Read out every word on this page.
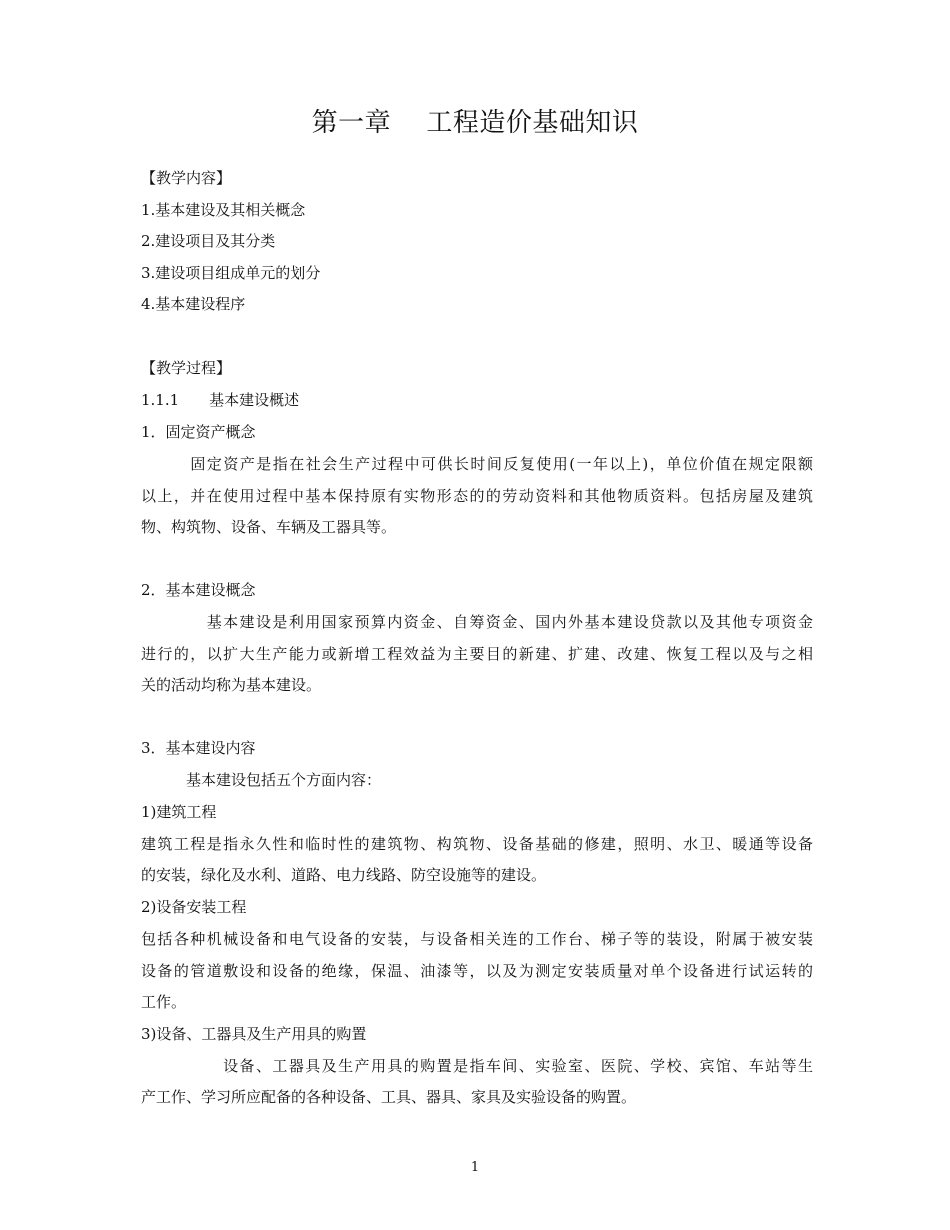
第一章　 工程造价基础知识
【教学内容】
1.基本建设及其相关概念
2.建设项目及其分类
3.建设项目组成单元的划分
4.基本建设程序
【教学过程】
1.1.1　　基本建设概述
1．固定资产概念
　　　固定资产是指在社会生产过程中可供长时间反复使用(一年以上)，单位价值在规定限额
以上，并在使用过程中基本保持原有实物形态的的劳动资料和其他物质资料。包括房屋及建筑
物、构筑物、设备、车辆及工器具等。
2．基本建设概念
　　　　基本建设是利用国家预算内资金、自筹资金、国内外基本建设贷款以及其他专项资金
进行的，以扩大生产能力或新增工程效益为主要目的新建、扩建、改建、恢复工程以及与之相
关的活动均称为基本建设。
3．基本建设内容
　　　基本建设包括五个方面内容：
1)建筑工程
建筑工程是指永久性和临时性的建筑物、构筑物、设备基础的修建，照明、水卫、暖通等设备
的安装，绿化及水利、道路、电力线路、防空设施等的建设。
2)设备安装工程
包括各种机械设备和电气设备的安装，与设备相关连的工作台、梯子等的装设，附属于被安装
设备的管道敷设和设备的绝缘，保温、油漆等，以及为测定安装质量对单个设备进行试运转的
工作。
3)设备、工器具及生产用具的购置
　　　　　设备、工器具及生产用具的购置是指车间、实验室、医院、学校、宾馆、车站等生
产工作、学习所应配备的各种设备、工具、器具、家具及实验设备的购置。
1
